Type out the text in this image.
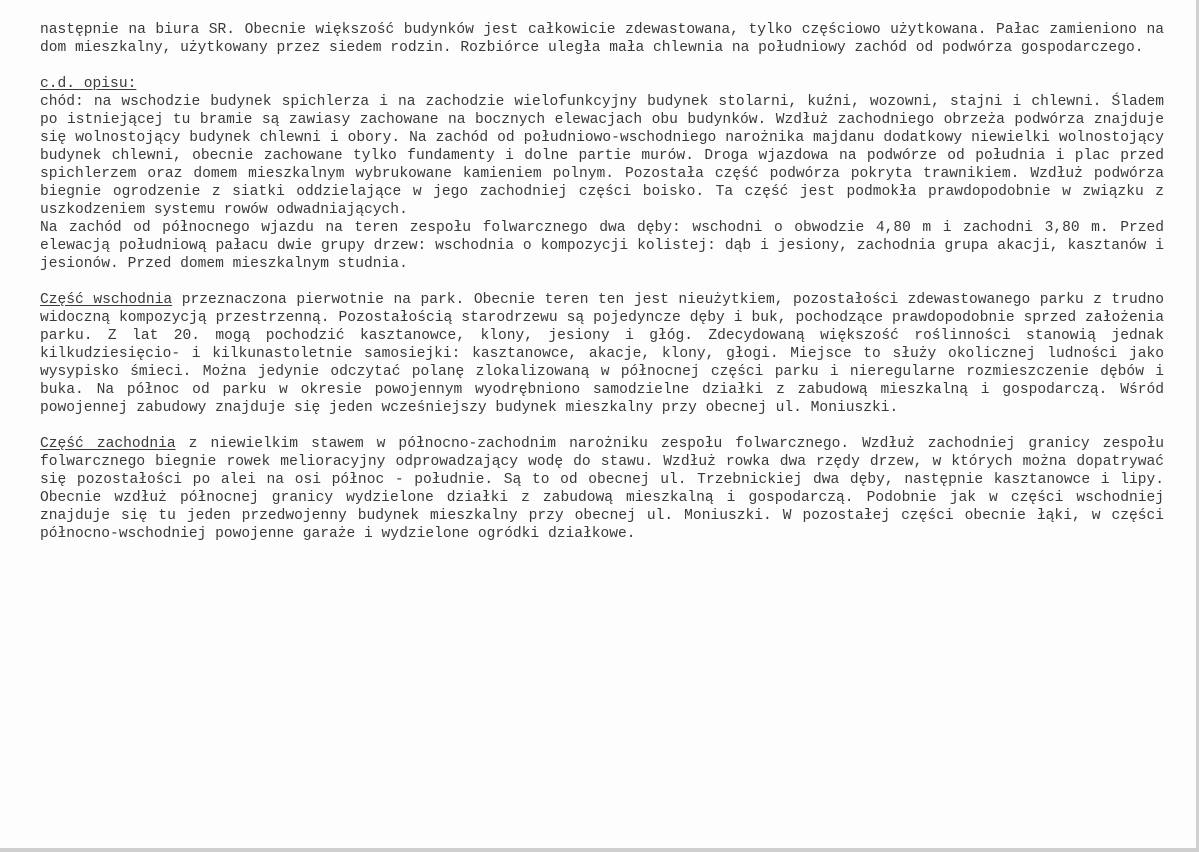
następnie na biura SR. Obecnie większość budynków jest całkowicie zdewastowana, tylko częściowo użytkowana. Pałac zamieniono na dom mieszkalny, użytkowany przez siedem rodzin. Rozbiórce uległa mała chlewnia na południowy zachód od podwórza gospodarczego.

c.d. opisu:

chód: na wschodzie budynek spichlerza i na zachodzie wielofunkcyjny budynek stolarni, kuźni, wozowni, stajni i chlewni. Śladem po istniejącej tu bramie są zawiasy zachowane na bocznych elewacjach obu budynków. Wzdłuż zachodniego obrzeża podwórza znajduje się wolnostojący budynek chlewni i obory. Na zachód od południowo-wschodniego narożnika majdanu dodatkowy niewielki wolnostojący budynek chlewni, obecnie zachowane tylko fundamenty i dolne partie murów. Droga wjazdowa na podwórze od południa i plac przed spichlerzem oraz domem mieszkalnym wybrukowane kamieniem polnym. Pozostała część podwórza pokryta trawnikiem. Wzdłuż podwórza biegnie ogrodzenie z siatki oddzielające w jego zachodniej części boisko. Ta część jest podmokła prawdopodobnie w związku z uszkodzeniem systemu rowów odwadniających.

Na zachód od północnego wjazdu na teren zespołu folwarcznego dwa dęby: wschodni o obwodzie 4,80 m i zachodni 3,80 m. Przed elewacją południową pałacu dwie grupy drzew: wschodnia o kompozycji kolistej: dąb i jesiony, zachodnia grupa akacji, kasztanów i jesionów. Przed domem mieszkalnym studnia.

Część wschodnia przeznaczona pierwotnie na park. Obecnie teren ten jest nieużytkiem, pozostałości zdewastowanego parku z trudno widoczną kompozycją przestrzenną. Pozostałością starodrzewu są pojedyncze dęby i buk, pochodzące prawdopodobnie sprzed założenia parku. Z lat 20. mogą pochodzić kasztanowce, klony, jesiony i głóg. Zdecydowaną większość roślinności stanowią jednak kilkudziesięcio- i kilkunastoletnie samosiejki: kasztanowce, akacje, klony, głogi. Miejsce to służy okolicznej ludności jako wysypisko śmieci. Można jedynie odczytać polanę zlokalizowaną w północnej części parku i nieregularne rozmieszczenie dębów i buka. Na północ od parku w okresie powojennym wyodrębniono samodzielne działki z zabudową mieszkalną i gospodarczą. Wśród powojennej zabudowy znajduje się jeden wcześniejszy budynek mieszkalny przy obecnej ul. Moniuszki.

Część zachodnia z niewielkim stawem w północno-zachodnim narożniku zespołu folwarcznego. Wzdłuż zachodniej granicy zespołu folwarcznego biegnie rowek melioracyjny odprowadzający wodę do stawu. Wzdłuż rowka dwa rzędy drzew, w których można dopatrywać się pozostałości po alei na osi północ - południe. Są to od obecnej ul. Trzebnickiej dwa dęby, następnie kasztanowce i lipy. Obecnie wzdłuż północnej granicy wydzielone działki z zabudową mieszkalną i gospodarczą. Podobnie jak w części wschodniej znajduje się tu jeden przedwojenny budynek mieszkalny przy obecnej ul. Moniuszki. W pozostałej części obecnie łąki, w części północno-wschodniej powojenne garaże i wydzielone ogródki działkowe.
